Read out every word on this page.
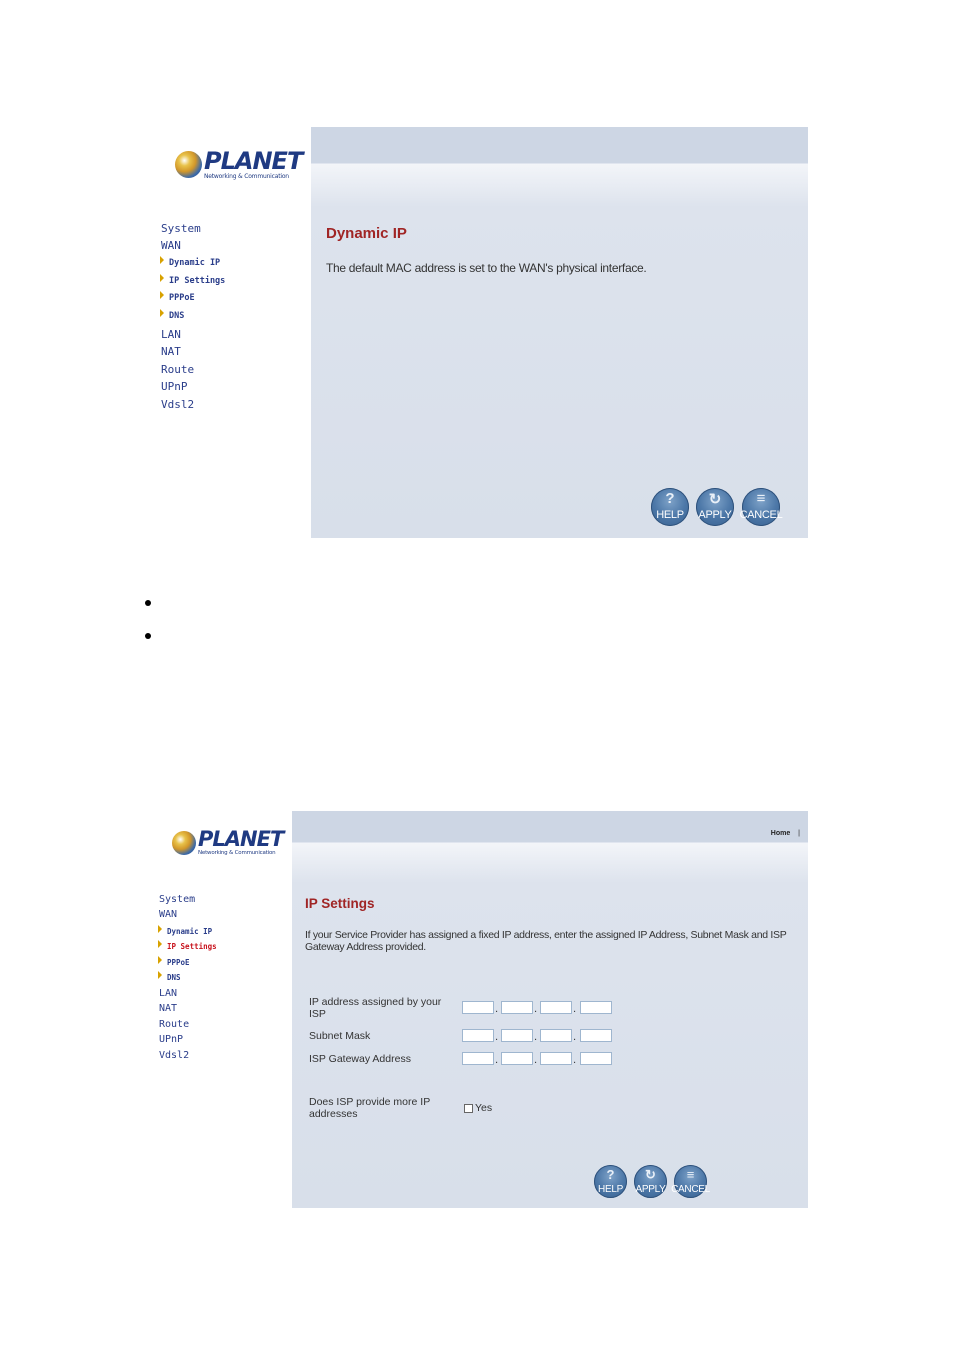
PLANET
Networking & Communication
System
WAN
Dynamic IP
IP Settings
PPPoE
DNS
LAN
NAT
Route
UPnP
Vdsl2
Dynamic IP

The default MAC address is set to the WAN's physical interface.

?
HELP
↻
APPLY
≡
CANCEL
PLANET
Networking & Communication
System
WAN
Dynamic IP
IP Settings
PPPoE
DNS
LAN
NAT
Route
UPnP
Vdsl2
Home |
IP Settings

If your Service Provider has assigned a fixed IP address, enter the assigned IP Address, Subnet Mask and ISP Gateway Address provided.

IP address assigned by your ISP	.	.	.
Subnet Mask	.	.	.
ISP Gateway Address	.	.	.
Does ISP provide more IP addresses	Yes
?
HELP
↻
APPLY
≡
CANCEL
